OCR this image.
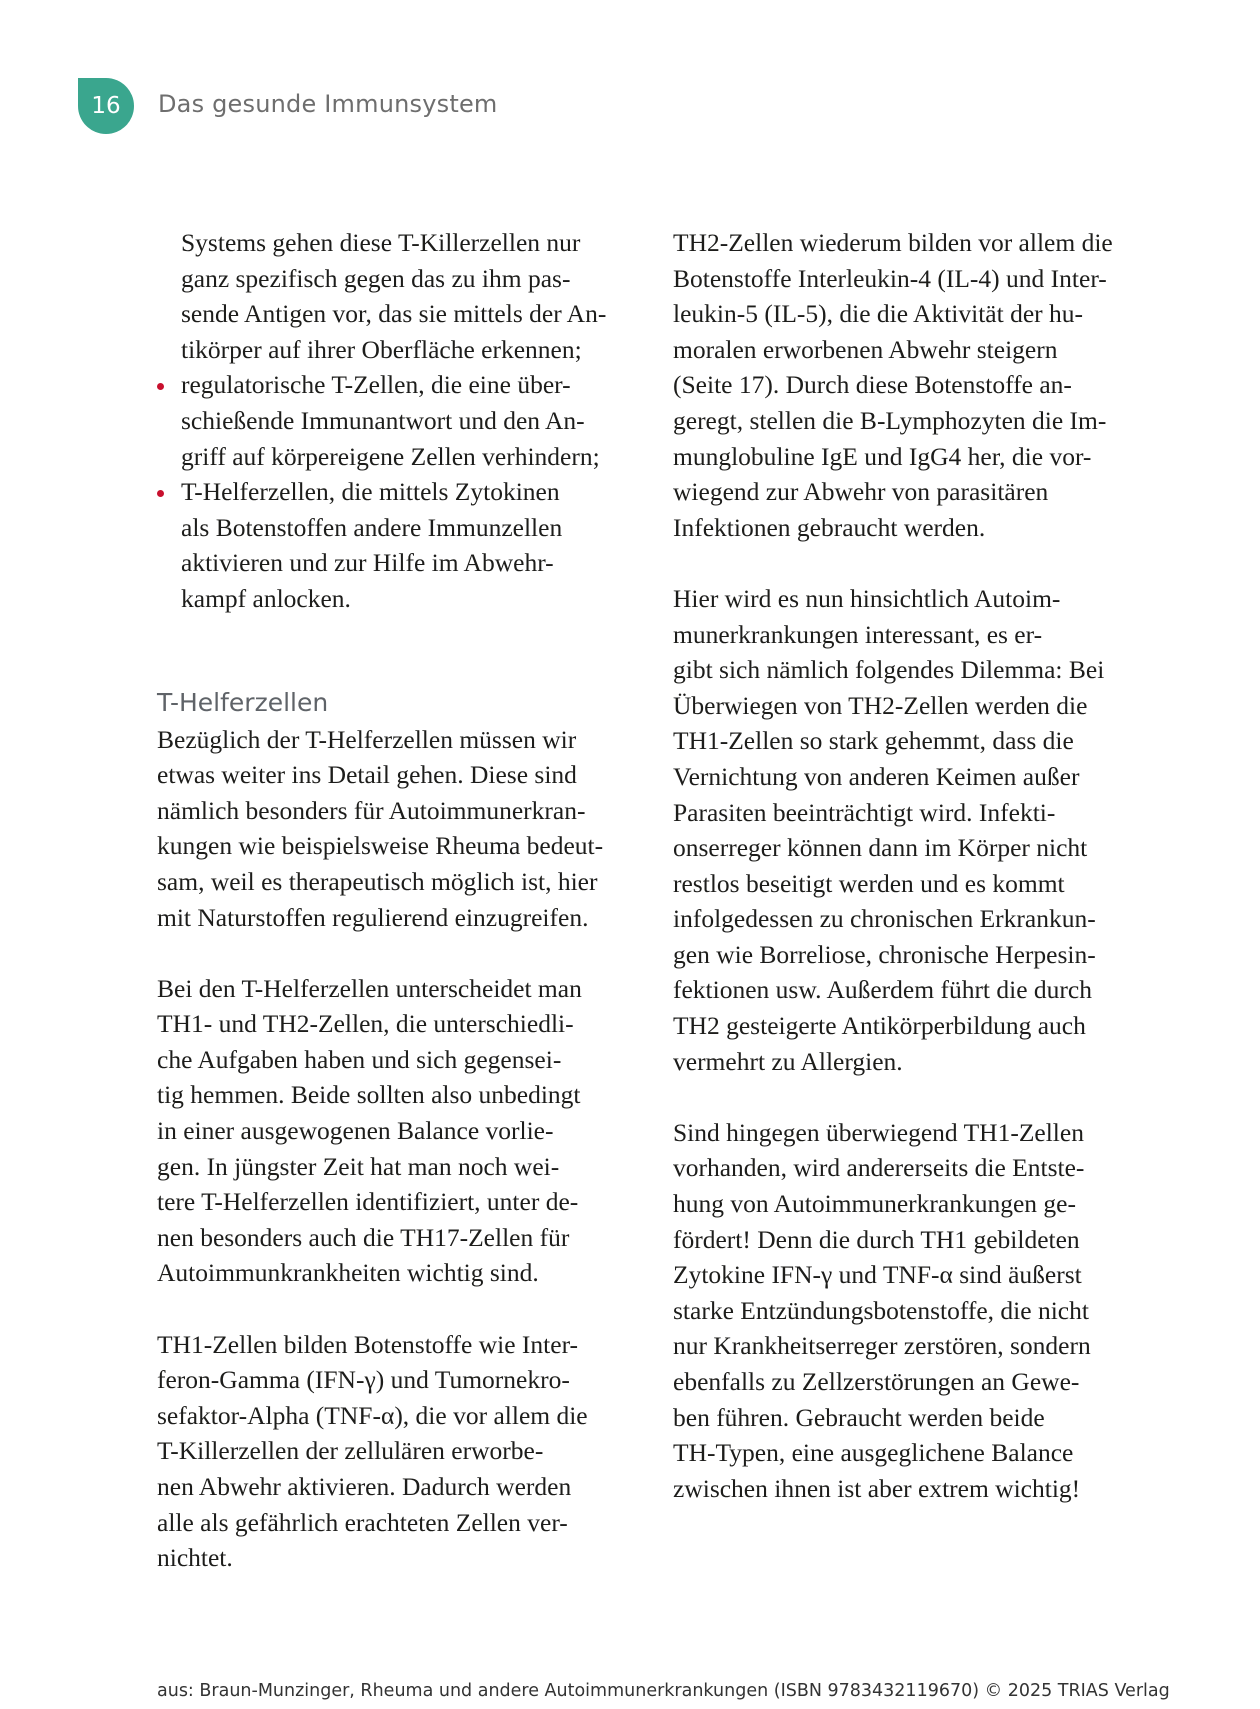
16 Das gesunde Immunsystem
Systems gehen diese T-Killerzellen nur
ganz spezifisch gegen das zu ihm pas-
sende Antigen vor, das sie mittels der An-
tikörper auf ihrer Oberfläche erkennen;
regulatorische T-Zellen, die eine über-
schießende Immunantwort und den An-
griff auf körpereigene Zellen verhindern;
T-Helferzellen, die mittels Zytokinen
als Botenstoffen andere Immunzellen
aktivieren und zur Hilfe im Abwehr-
kampf anlocken.
T-Helferzellen
Bezüglich der T-Helferzellen müssen wir
etwas weiter ins Detail gehen. Diese sind
nämlich besonders für Autoimmunerkran-
kungen wie beispielsweise Rheuma bedeut-
sam, weil es therapeutisch möglich ist, hier
mit Naturstoffen regulierend einzugreifen.
Bei den T-Helferzellen unterscheidet man
TH1- und TH2-Zellen, die unterschiedli-
che Aufgaben haben und sich gegensei-
tig hemmen. Beide sollten also unbedingt
in einer ausgewogenen Balance vorlie-
gen. In jüngster Zeit hat man noch wei-
tere T-Helferzellen identifiziert, unter de-
nen besonders auch die TH17-Zellen für
Autoimmunkrankheiten wichtig sind.
TH1-Zellen bilden Botenstoffe wie Inter-
feron-Gamma (IFN-γ) und Tumornekro-
sefaktor-Alpha (TNF-α), die vor allem die
T-Killerzellen der zellulären erworbe-
nen Abwehr aktivieren. Dadurch werden
alle als gefährlich erachteten Zellen ver-
nichtet.
TH2-Zellen wiederum bilden vor allem die
Botenstoffe Interleukin-4 (IL-4) und Inter-
leukin-5 (IL-5), die die Aktivität der hu-
moralen erworbenen Abwehr steigern
(Seite 17). Durch diese Botenstoffe an-
geregt, stellen die B-Lymphozyten die Im-
munglobuline IgE und IgG4 her, die vor-
wiegend zur Abwehr von parasitären
Infektionen gebraucht werden.
Hier wird es nun hinsichtlich Autoim-
munerkrankungen interessant, es er-
gibt sich nämlich folgendes Dilemma: Bei
Überwiegen von TH2-Zellen werden die
TH1-Zellen so stark gehemmt, dass die
Vernichtung von anderen Keimen außer
Parasiten beeinträchtigt wird. Infekti-
onserreger können dann im Körper nicht
restlos beseitigt werden und es kommt
infolgedessen zu chronischen Erkrankun-
gen wie Borreliose, chronische Herpesin-
fektionen usw. Außerdem führt die durch
TH2 gesteigerte Antikörperbildung auch
vermehrt zu Allergien.
Sind hingegen überwiegend TH1-Zellen
vorhanden, wird andererseits die Entste-
hung von Autoimmunerkrankungen ge-
fördert! Denn die durch TH1 gebildeten
Zytokine IFN-γ und TNF-α sind äußerst
starke Entzündungsbotenstoffe, die nicht
nur Krankheitserreger zerstören, sondern
ebenfalls zu Zellzerstörungen an Gewe-
ben führen. Gebraucht werden beide
TH-Typen, eine ausgeglichene Balance
zwischen ihnen ist aber extrem wichtig!
aus: Braun-Munzinger, Rheuma und andere Autoimmunerkrankungen (ISBN 9783432119670) © 2025 TRIAS Verlag
